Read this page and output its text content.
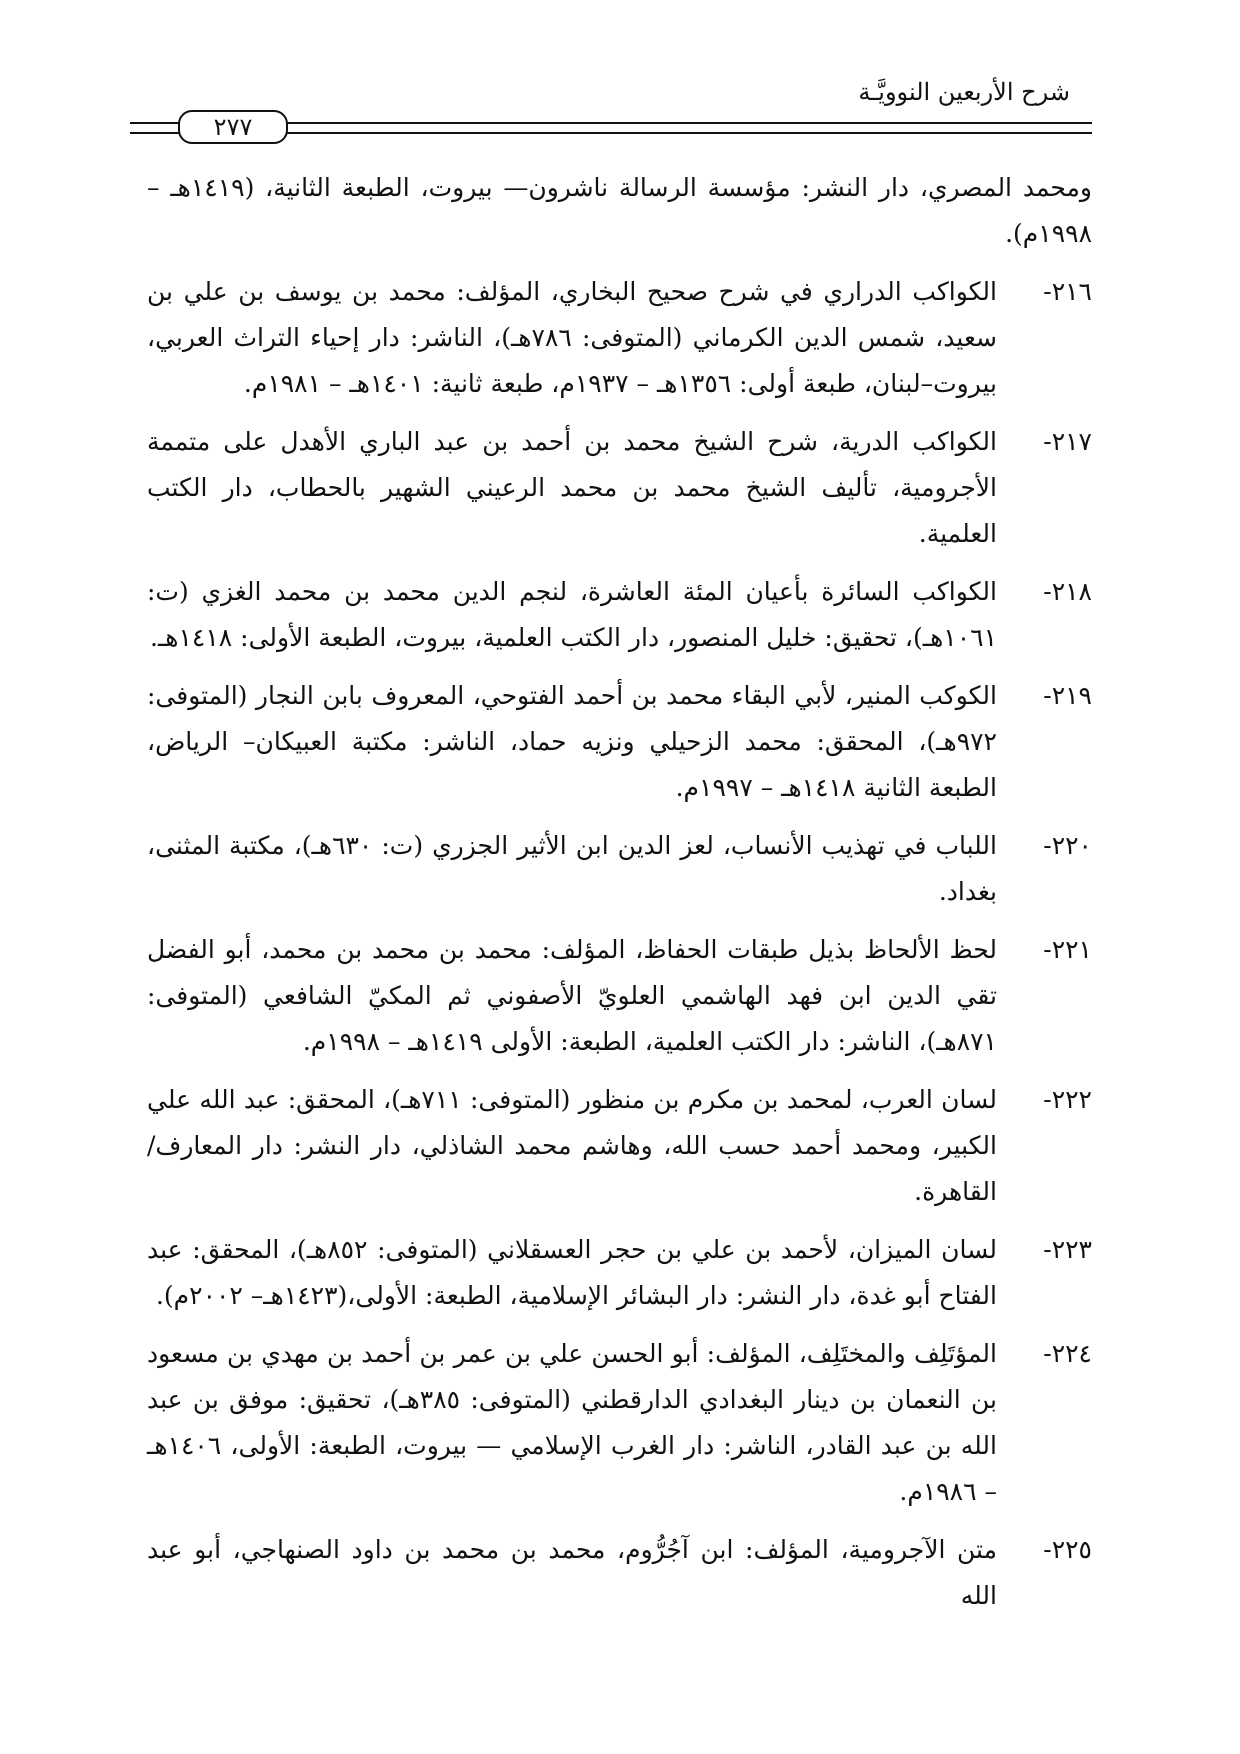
شرح الأربعين النوويَّـة
٢٧٧

ومحمد المصري، دار النشر: مؤسسة الرسالة ناشرون— بيروت، الطبعة الثانية، (١٤١٩هـ – ١٩٩٨م).

٢١٦-
الكواكب الدراري في شرح صحيح البخاري، المؤلف: محمد بن يوسف بن علي بن سعيد، شمس الدين الكرماني (المتوفى: ٧٨٦هـ)، الناشر: دار إحياء التراث العربي، بيروت–لبنان، طبعة أولى: ١٣٥٦هـ – ١٩٣٧م، طبعة ثانية: ١٤٠١هـ – ١٩٨١م.
٢١٧-
الكواكب الدرية، شرح الشيخ محمد بن أحمد بن عبد الباري الأهدل على متممة الأجرومية، تأليف الشيخ محمد بن محمد الرعيني الشهير بالحطاب، دار الكتب العلمية.
٢١٨-
الكواكب السائرة بأعيان المئة العاشرة، لنجم الدين محمد بن محمد الغزي (ت: ١٠٦١هـ)، تحقيق: خليل المنصور، دار الكتب العلمية، بيروت، الطبعة الأولى: ١٤١٨هـ.
٢١٩-
الكوكب المنير، لأبي البقاء محمد بن أحمد الفتوحي، المعروف بابن النجار (المتوفى: ٩٧٢هـ)، المحقق: محمد الزحيلي ونزيه حماد، الناشر: مكتبة العبيكان– الرياض، الطبعة الثانية ١٤١٨هـ – ١٩٩٧م.
٢٢٠-
اللباب في تهذيب الأنساب، لعز الدين ابن الأثير الجزري (ت: ٦٣٠هـ)، مكتبة المثنى، بغداد.
٢٢١-
لحظ الألحاظ بذيل طبقات الحفاظ، المؤلف: محمد بن محمد بن محمد، أبو الفضل تقي الدين ابن فهد الهاشمي العلويّ الأصفوني ثم المكيّ الشافعي (المتوفى: ٨٧١هـ)، الناشر: دار الكتب العلمية، الطبعة: الأولى ١٤١٩هـ – ١٩٩٨م.
٢٢٢-
لسان العرب، لمحمد بن مكرم بن منظور (المتوفى: ٧١١هـ)، المحقق: عبد الله علي الكبير، ومحمد أحمد حسب الله، وهاشم محمد الشاذلي، دار النشر: دار المعارف/ القاهرة.
٢٢٣-
لسان الميزان، لأحمد بن علي بن حجر العسقلاني (المتوفى: ٨٥٢هـ)، المحقق: عبد الفتاح أبو غدة، دار النشر: دار البشائر الإسلامية، الطبعة: الأولى،(١٤٢٣هـ– ٢٠٠٢م).
٢٢٤-
المؤتَلِف والمختَلِف، المؤلف: أبو الحسن علي بن عمر بن أحمد بن مهدي بن مسعود بن النعمان بن دينار البغدادي الدارقطني (المتوفى: ٣٨٥هـ)، تحقيق: موفق بن عبد الله بن عبد القادر، الناشر: دار الغرب الإسلامي — بيروت، الطبعة: الأولى، ١٤٠٦هـ – ١٩٨٦م.
٢٢٥-
متن الآجرومية، المؤلف: ابن آجُرُّوم، محمد بن محمد بن داود الصنهاجي، أبو عبد الله
